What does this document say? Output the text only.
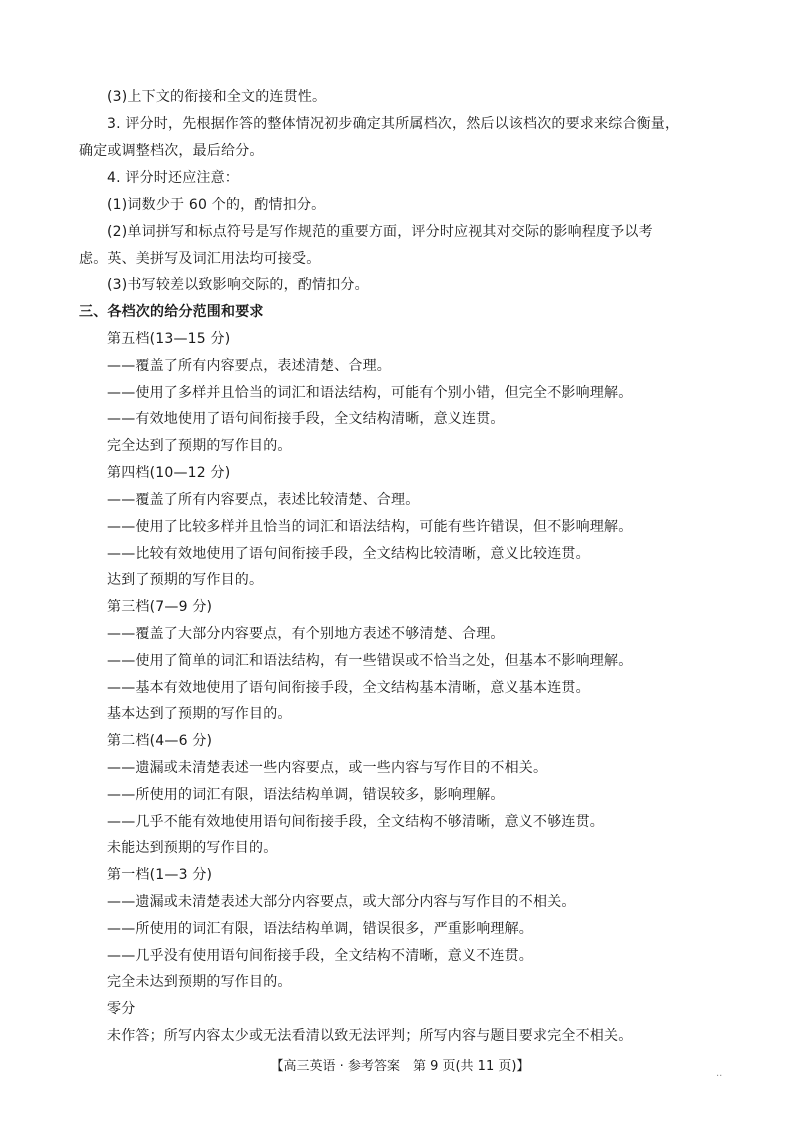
(3)上下文的衔接和全文的连贯性。
3. 评分时，先根据作答的整体情况初步确定其所属档次，然后以该档次的要求来综合衡量，
确定或调整档次，最后给分。
4. 评分时还应注意：
(1)词数少于 60 个的，酌情扣分。
(2)单词拼写和标点符号是写作规范的重要方面，评分时应视其对交际的影响程度予以考
虑。英、美拼写及词汇用法均可接受。
(3)书写较差以致影响交际的，酌情扣分。
三、各档次的给分范围和要求
第五档(13—15 分)
——覆盖了所有内容要点，表述清楚、合理。
——使用了多样并且恰当的词汇和语法结构，可能有个别小错，但完全不影响理解。
——有效地使用了语句间衔接手段，全文结构清晰，意义连贯。
完全达到了预期的写作目的。
第四档(10—12 分)
——覆盖了所有内容要点，表述比较清楚、合理。
——使用了比较多样并且恰当的词汇和语法结构，可能有些许错误，但不影响理解。
——比较有效地使用了语句间衔接手段，全文结构比较清晰，意义比较连贯。
达到了预期的写作目的。
第三档(7—9 分)
——覆盖了大部分内容要点，有个别地方表述不够清楚、合理。
——使用了简单的词汇和语法结构，有一些错误或不恰当之处，但基本不影响理解。
——基本有效地使用了语句间衔接手段，全文结构基本清晰，意义基本连贯。
基本达到了预期的写作目的。
第二档(4—6 分)
——遗漏或未清楚表述一些内容要点，或一些内容与写作目的不相关。
——所使用的词汇有限，语法结构单调，错误较多，影响理解。
——几乎不能有效地使用语句间衔接手段，全文结构不够清晰，意义不够连贯。
未能达到预期的写作目的。
第一档(1—3 分)
——遗漏或未清楚表述大部分内容要点，或大部分内容与写作目的不相关。
——所使用的词汇有限，语法结构单调，错误很多，严重影响理解。
——几乎没有使用语句间衔接手段，全文结构不清晰，意义不连贯。
完全未达到预期的写作目的。
零分
未作答；所写内容太少或无法看清以致无法评判；所写内容与题目要求完全不相关。
【高三英语 · 参考答案　第 9 页(共 11 页)】	..
